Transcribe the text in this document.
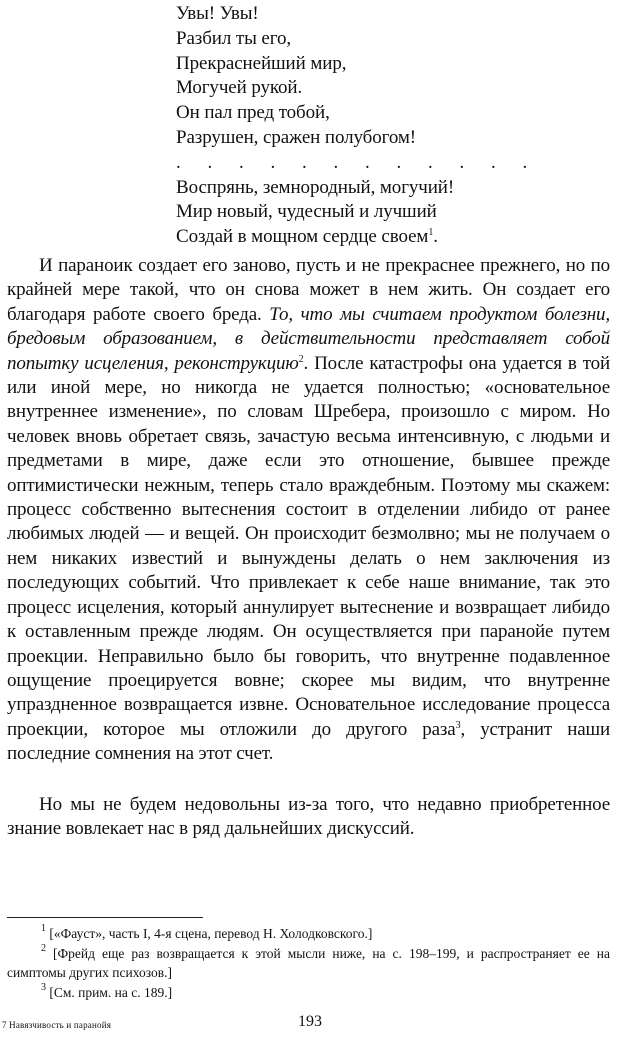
Увы! Увы!
Разбил ты его,
Прекраснейший мир,
Могучей рукой.
Он пал пред тобой,
Разрушен, сражен полубогом!
. . . . . . . . . . . .
Воспрянь, земнородный, могучий!
Мир новый, чудесный и лучший
Создай в мощном сердце своем$^1$.

И параноик создает его заново, пусть и не прекраснее прежнего, но по крайней мере такой, что он снова может в нем жить. Он создает его благодаря работе своего бреда. То, что мы считаем продуктом болезни, бредовым образованием, в действительности представляет собой попытку исцеления, реконструкцию$^2$. После катастрофы она удается в той или иной мере, но никогда не удается полностью; «основательное внутреннее изменение», по словам Шребера, произошло с миром. Но человек вновь обретает связь, зачастую весьма интенсивную, с людьми и предметами в мире, даже если это отношение, бывшее прежде оптимистически нежным, теперь стало враждебным. Поэтому мы скажем: процесс собственно вытеснения состоит в отделении либидо от ранее любимых людей — и вещей. Он происходит безмолвно; мы не получаем о нем никаких известий и вынуждены делать о нем заключения из последующих событий. Что привлекает к себе наше внимание, так это процесс исцеления, который аннулирует вытеснение и возвращает либидо к оставленным прежде людям. Он осуществляется при паранойе путем проекции. Неправильно было бы говорить, что внутренне подавленное ощущение проецируется вовне; скорее мы видим, что внутренне упраздненное возвращается извне. Основательное исследование процесса проекции, которое мы отложили до другого раза$^3$, устранит наши последние сомнения на этот счет.

Но мы не будем недовольны из-за того, что недавно приобретенное знание вовлекает нас в ряд дальнейших дискуссий.

$^1$ [«Фауст», часть I, 4-я сцена, перевод Н. Холодковского.]

$^2$ [Фрейд еще раз возвращается к этой мысли ниже, на с. 198–199, и распространяет ее на симптомы других психозов.]

$^3$ [См. прим. на с. 189.]

7 Навязчивость и паранойя	193
